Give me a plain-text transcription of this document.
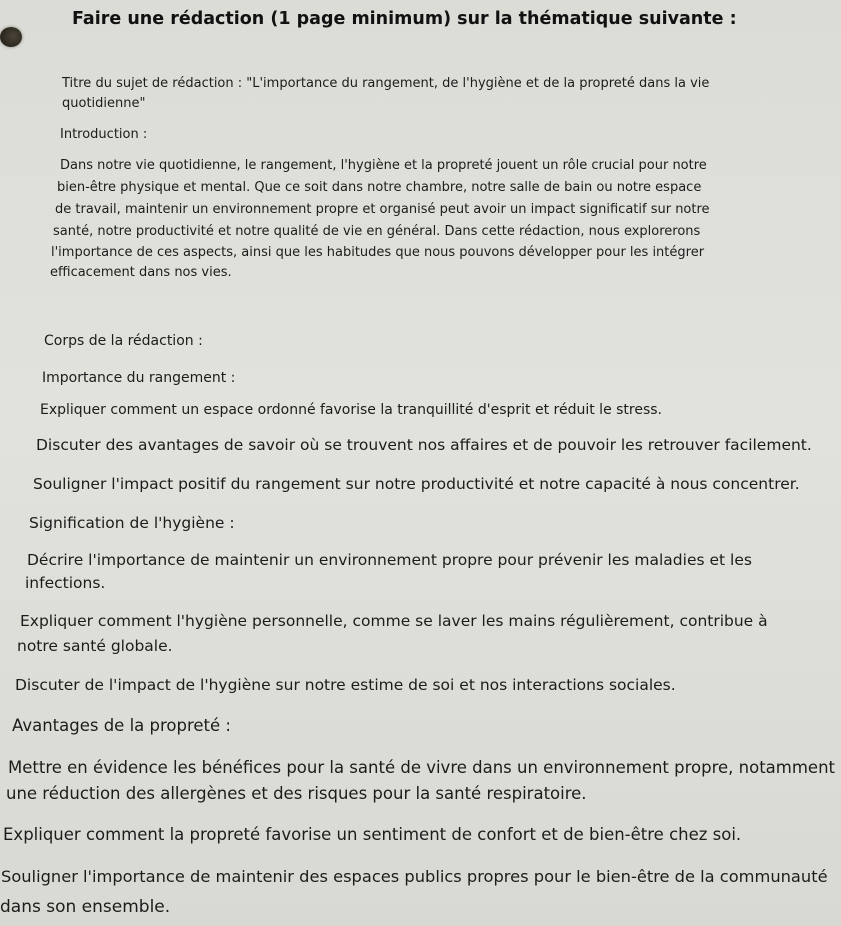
Faire une rédaction (1 page minimum) sur la thématique suivante :
Titre du sujet de rédaction : "L'importance du rangement, de l'hygiène et de la propreté dans la vie
quotidienne"
Introduction :
Dans notre vie quotidienne, le rangement, l'hygiène et la propreté jouent un rôle crucial pour notre
bien-être physique et mental. Que ce soit dans notre chambre, notre salle de bain ou notre espace
de travail, maintenir un environnement propre et organisé peut avoir un impact significatif sur notre
santé, notre productivité et notre qualité de vie en général. Dans cette rédaction, nous explorerons
l'importance de ces aspects, ainsi que les habitudes que nous pouvons développer pour les intégrer
efficacement dans nos vies.
Corps de la rédaction :
Importance du rangement :
Expliquer comment un espace ordonné favorise la tranquillité d'esprit et réduit le stress.
Discuter des avantages de savoir où se trouvent nos affaires et de pouvoir les retrouver facilement.
Souligner l'impact positif du rangement sur notre productivité et notre capacité à nous concentrer.
Signification de l'hygiène :
Décrire l'importance de maintenir un environnement propre pour prévenir les maladies et les
infections.
Expliquer comment l'hygiène personnelle, comme se laver les mains régulièrement, contribue à
notre santé globale.
Discuter de l'impact de l'hygiène sur notre estime de soi et nos interactions sociales.
Avantages de la propreté :
Mettre en évidence les bénéfices pour la santé de vivre dans un environnement propre, notamment
une réduction des allergènes et des risques pour la santé respiratoire.
Expliquer comment la propreté favorise un sentiment de confort et de bien-être chez soi.
Souligner l'importance de maintenir des espaces publics propres pour le bien-être de la communauté
dans son ensemble.
